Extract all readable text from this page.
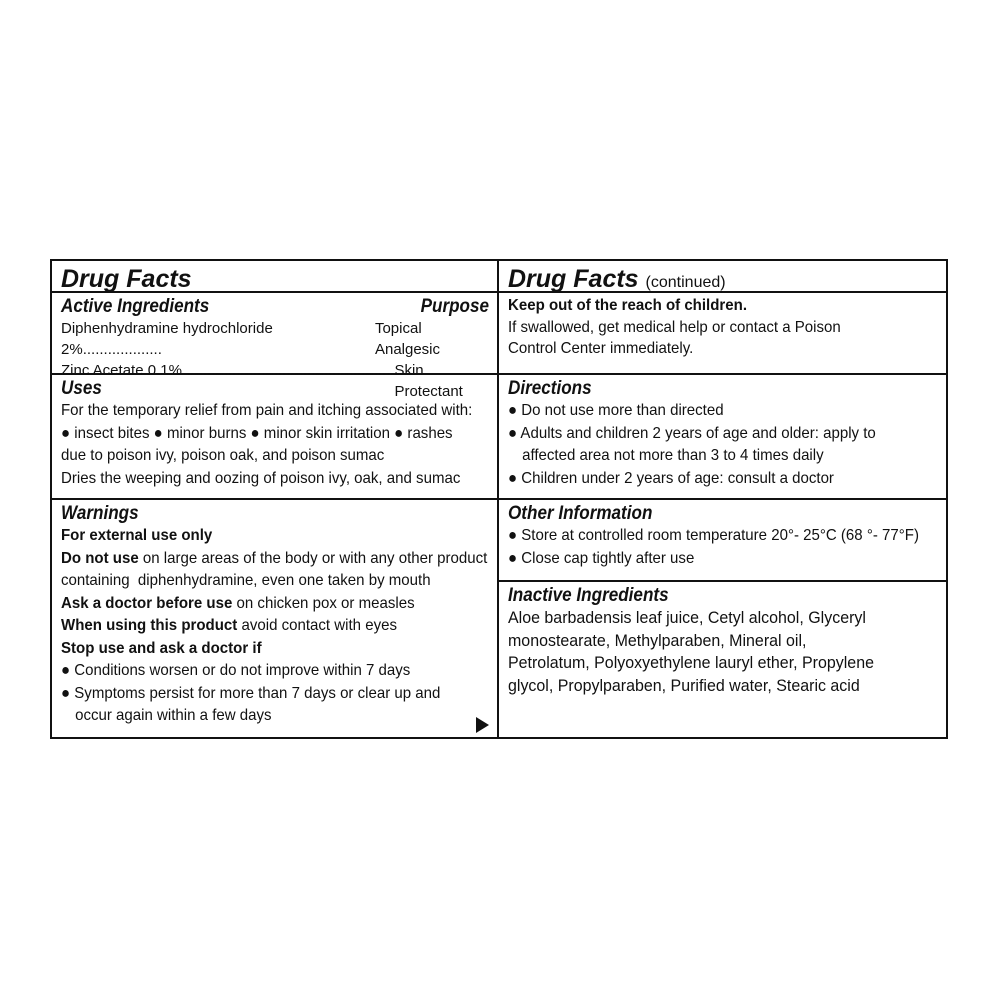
Drug Facts
Active Ingredients	Purpose
Diphenhydramine hydrochloride 2%...................
Topical Analgesic
Zinc Acetate 0.1% .................................................. Skin Protectant
Uses
For the temporary relief from pain and itching associated with:
● insect bites ● minor burns ● minor skin irritation ● rashes
due to poison ivy, poison oak, and poison sumac
Dries the weeping and oozing of poison ivy, oak, and sumac
Warnings
For external use only
Do not use on large areas of the body or with any other product
containing  diphenhydramine, even one taken by mouth
Ask a doctor before use on chicken pox or measles
When using this product avoid contact with eyes
Stop use and ask a doctor if
● Conditions worsen or do not improve within 7 days
● Symptoms persist for more than 7 days or clear up and
occur again within a few days
Drug Facts (continued)
Keep out of the reach of children.
If swallowed, get medical help or contact a Poison
Control Center immediately.
Directions
● Do not use more than directed
● Adults and children 2 years of age and older: apply to
affected area not more than 3 to 4 times daily
● Children under 2 years of age: consult a doctor
Other Information
● Store at controlled room temperature 20°- 25°C (68 °- 77°F)
● Close cap tightly after use
Inactive Ingredients
Aloe barbadensis leaf juice, Cetyl alcohol, Glyceryl
monostearate, Methylparaben, Mineral oil,
Petrolatum, Polyoxyethylene lauryl ether, Propylene
glycol, Propylparaben, Purified water, Stearic acid
